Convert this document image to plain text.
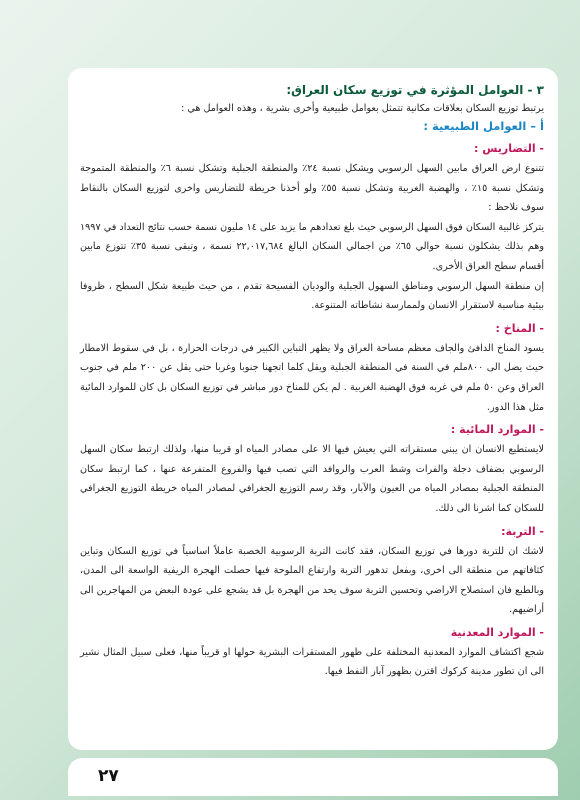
٣ - العوامل المؤثرة في توزيع سكان العراق:

يرتبط توزيع السكان بعلاقات مكانية تتمثل بعوامل طبيعية وأخرى بشرية ، وهذه العوامل هي :

أ – العوامل الطبيعية :
- التضاريس :

تتنوع ارض العراق مابين السهل الرسوبي ويشكل نسبة ٢٤٪ والمنطقة الجبلية وتشكل نسبة ٦٪ والمنطقة المتموجة وتشكل نسبة ١٥٪ ، والهضبة الغربية وتشكل نسبة ٥٥٪ ولو أخذنا خريطة للتضاريس واخرى لتوزيع السكان بالنقاط سوف نلاحظ :

يتركز غالبية السكان فوق السهل الرسوبي حيث بلغ تعدادهم ما يزيد على ١٤ مليون نسمة حسب نتائج التعداد في ١٩٩٧ وهم بذلك يشكلون نسبة حوالي ٦٥٪ من اجمالي السكان البالغ ٢٢,٠١٧,٦٨٤ نسمة ، وتبقى نسبة ٣٥٪ تتوزع مابين أقسام سطح العراق الأخرى.

إن منطقة السهل الرسوبي ومناطق السهول الجبلية والوديان الفسيحة تقدم ، من حيث طبيعة شكل السطح ، ظروفا بيئية مناسبة لاستقرار الانسان ولممارسة نشاطاته المتنوعة.

- المناخ :

يسود المناخ الدافئ والجاف معظم مساحة العراق ولا يظهر التباين الكبير في درجات الحرارة ، بل في سقوط الامطار حيث يصل الى ٨٠٠ملم في السنة في المنطقة الجبلية ويقل كلما اتجهنا جنوبا وغربا حتى يقل عن ٢٠٠ ملم في جنوب العراق وعن ٥٠ ملم في غربه فوق الهضبة الغربية . لم يكن للمناخ دور مباشر في توزيع السكان بل كان للموارد المائية مثل هذا الدور.

- الموارد المائية :

لايستطيع الانسان ان يبني مستقراته التي يعيش فيها الا على مصادر المياه او قريبا منها، ولذلك ارتبط سكان السهل الرسوبي بضفاف دجلة والفرات وشط العرب والروافد التي تصب فيها والفروع المتفرعة عنها ، كما ارتبط سكان المنطقة الجبلية بمصادر المياه من العيون والآبار، وقد رسم التوزيع الجغرافي لمصادر المياه خريطة التوزيع الجغرافي للسكان كما اشرنا الى ذلك.

- التربة:

لاشك ان للتربة دورها في توزيع السكان، فقد كانت التربة الرسوبية الخصبة عاملاً اساسياً في توزيع السكان وتباين كثافاتهم من منطقة الى اخرى، وبفعل تدهور التربة وارتفاع الملوحة فيها حصلت الهجرة الريفية الواسعة الى المدن، وبالطبع فان استصلاح الاراضي وتحسين التربة سوف يحد من الهجرة بل قد يشجع على عودة البعض من المهاجرين الى أراضيهم.

- الموارد المعدنية

شجع اكتشاف الموارد المعدنية المختلفة على ظهور المستقرات البشرية حولها او قريباً منها، فعلى سبيل المثال نشير الى ان تطور مدينة كركوك اقترن بظهور آبار النفط فيها.

٢٧
